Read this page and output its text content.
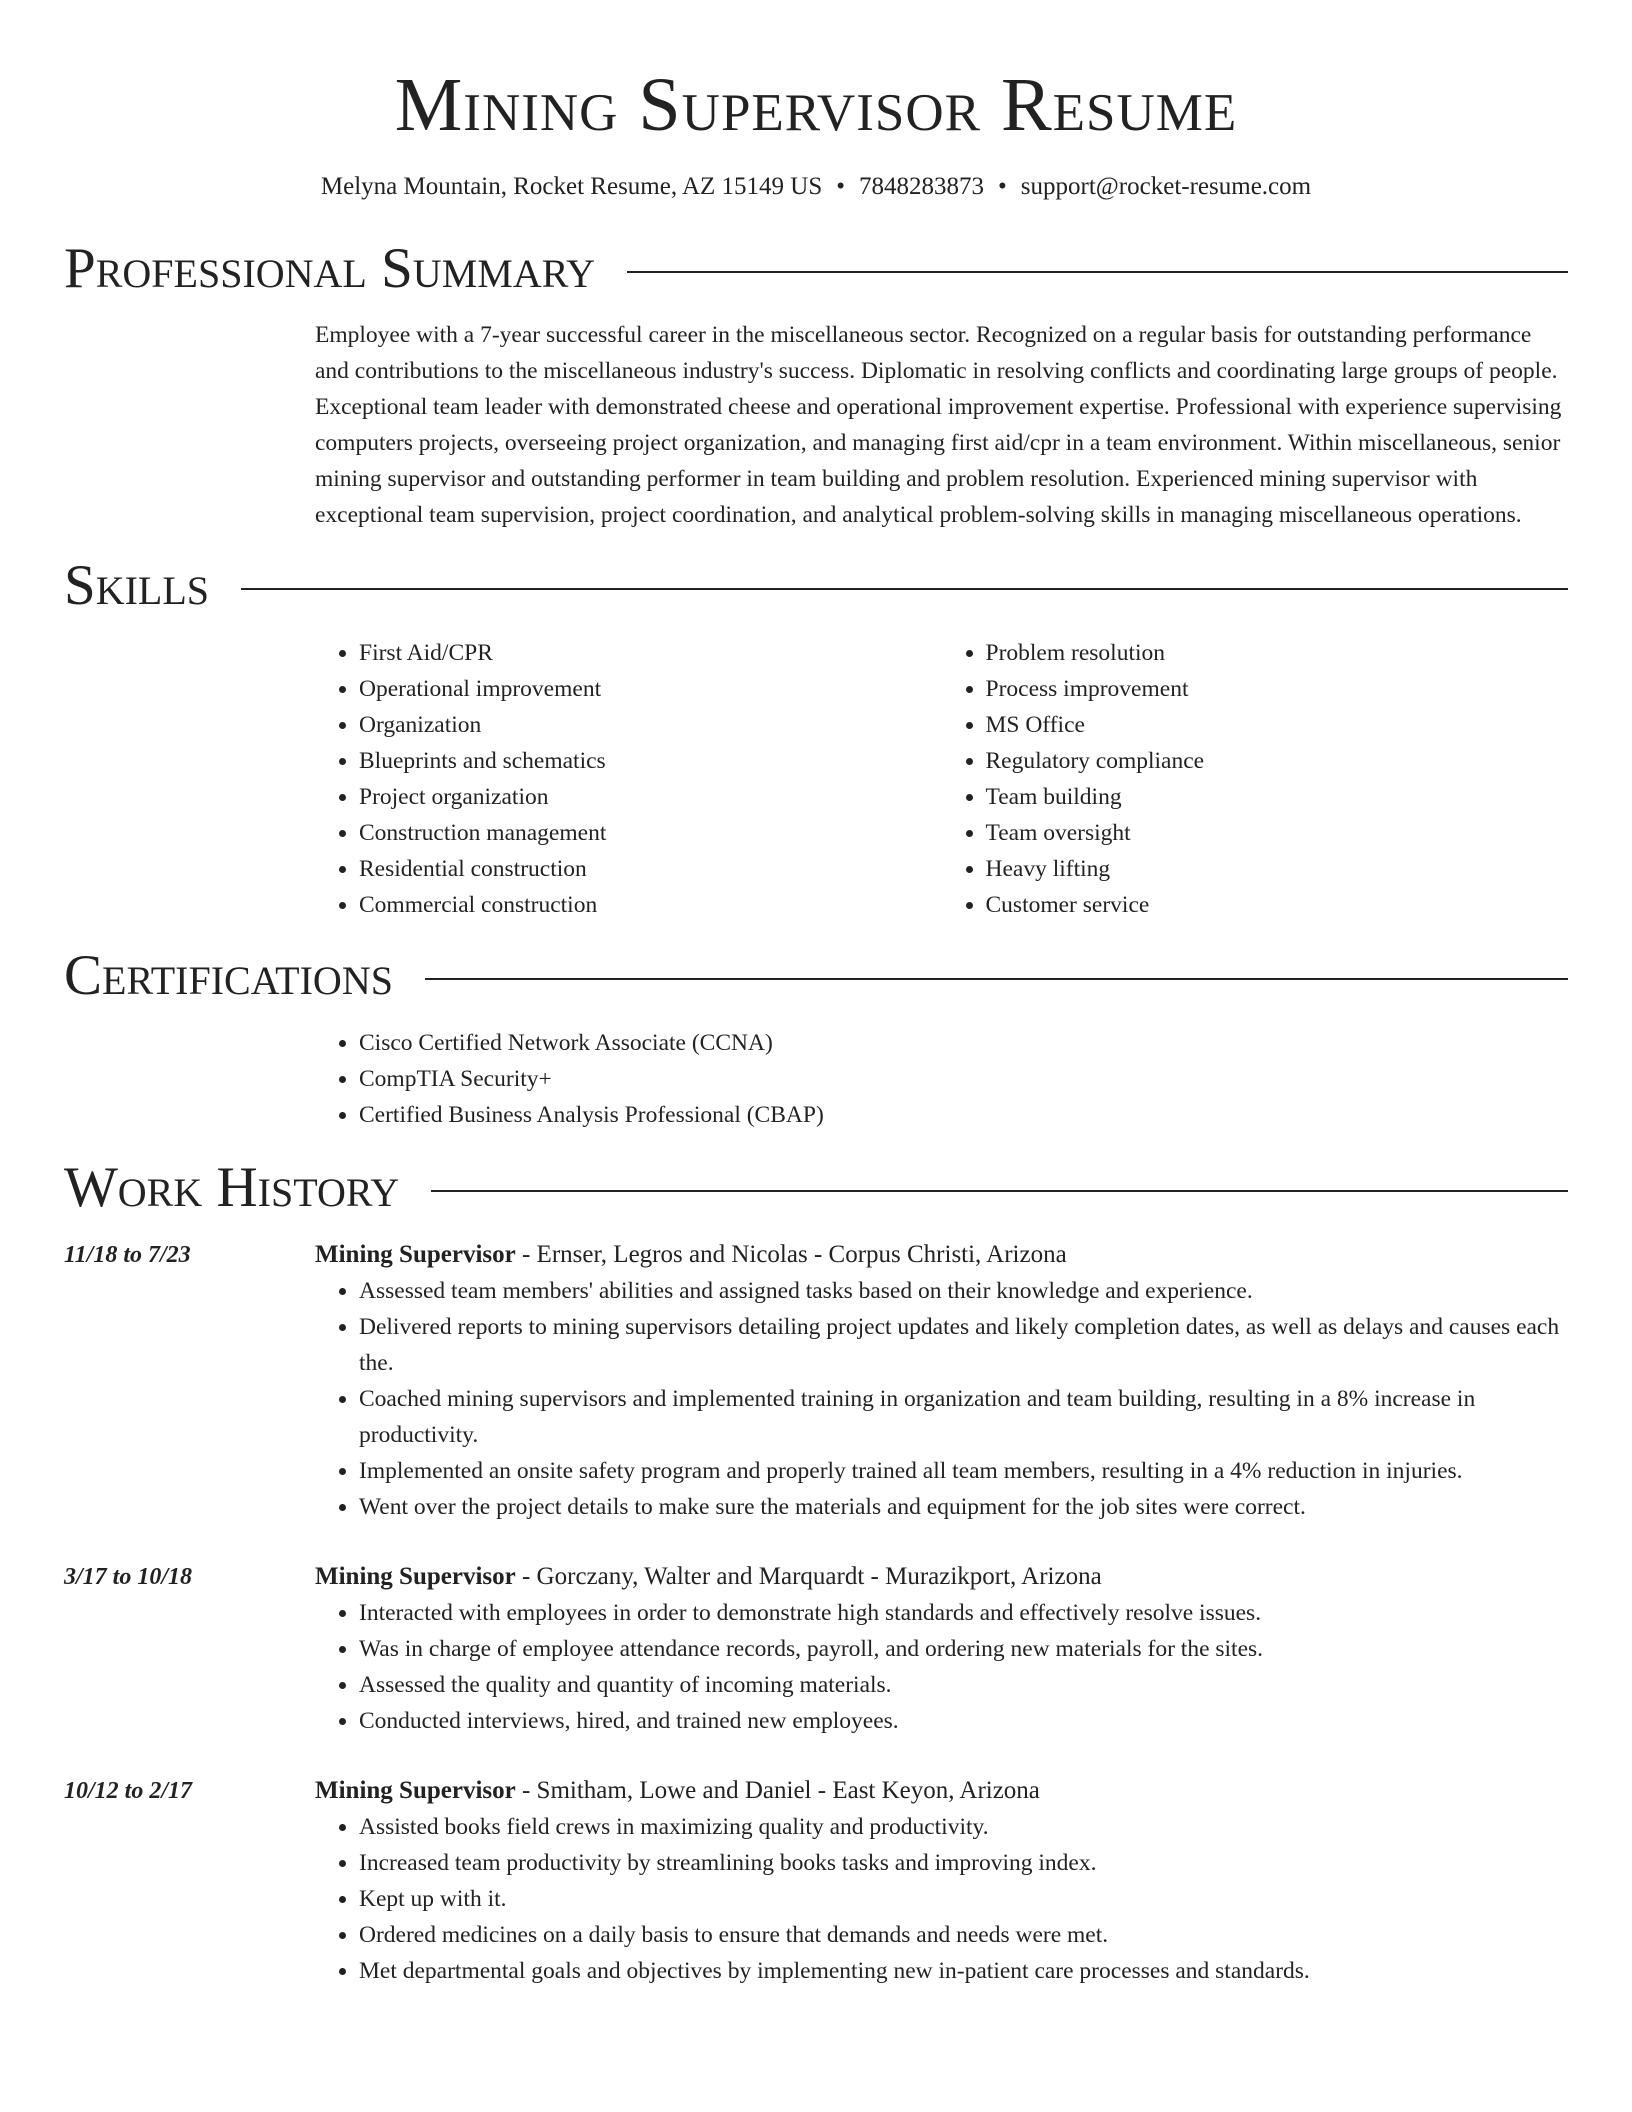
Mining Supervisor Resume
Melyna Mountain, Rocket Resume, AZ 15149 US • 7848283873 • support@rocket-resume.com
Professional Summary

Employee with a 7-year successful career in the miscellaneous sector. Recognized on a regular basis for outstanding performance and contributions to the miscellaneous industry's success. Diplomatic in resolving conflicts and coordinating large groups of people. Exceptional team leader with demonstrated cheese and operational improvement expertise. Professional with experience supervising computers projects, overseeing project organization, and managing first aid/cpr in a team environment. Within miscellaneous, senior mining supervisor and outstanding performer in team building and problem resolution. Experienced mining supervisor with exceptional team supervision, project coordination, and analytical problem-solving skills in managing miscellaneous operations.

Skills
• First Aid/CPR
• Operational improvement
• Organization
• Blueprints and schematics
• Project organization
• Construction management
• Residential construction
• Commercial construction
• Problem resolution
• Process improvement
• MS Office
• Regulatory compliance
• Team building
• Team oversight
• Heavy lifting
• Customer service
Certifications
• Cisco Certified Network Associate (CCNA)
• CompTIA Security+
• Certified Business Analysis Professional (CBAP)
Work History
11/18 to 7/23	Mining Supervisor - Ernser, Legros and Nicolas - Corpus Christi, Arizona
• Assessed team members' abilities and assigned tasks based on their knowledge and experience.
• Delivered reports to mining supervisors detailing project updates and likely completion dates, as well as delays and causes each the.
• Coached mining supervisors and implemented training in organization and team building, resulting in a 8% increase in productivity.
• Implemented an onsite safety program and properly trained all team members, resulting in a 4% reduction in injuries.
• Went over the project details to make sure the materials and equipment for the job sites were correct.
3/17 to 10/18	Mining Supervisor - Gorczany, Walter and Marquardt - Murazikport, Arizona
• Interacted with employees in order to demonstrate high standards and effectively resolve issues.
• Was in charge of employee attendance records, payroll, and ordering new materials for the sites.
• Assessed the quality and quantity of incoming materials.
• Conducted interviews, hired, and trained new employees.
10/12 to 2/17	Mining Supervisor - Smitham, Lowe and Daniel - East Keyon, Arizona
• Assisted books field crews in maximizing quality and productivity.
• Increased team productivity by streamlining books tasks and improving index.
• Kept up with it.
• Ordered medicines on a daily basis to ensure that demands and needs were met.
• Met departmental goals and objectives by implementing new in-patient care processes and standards.
